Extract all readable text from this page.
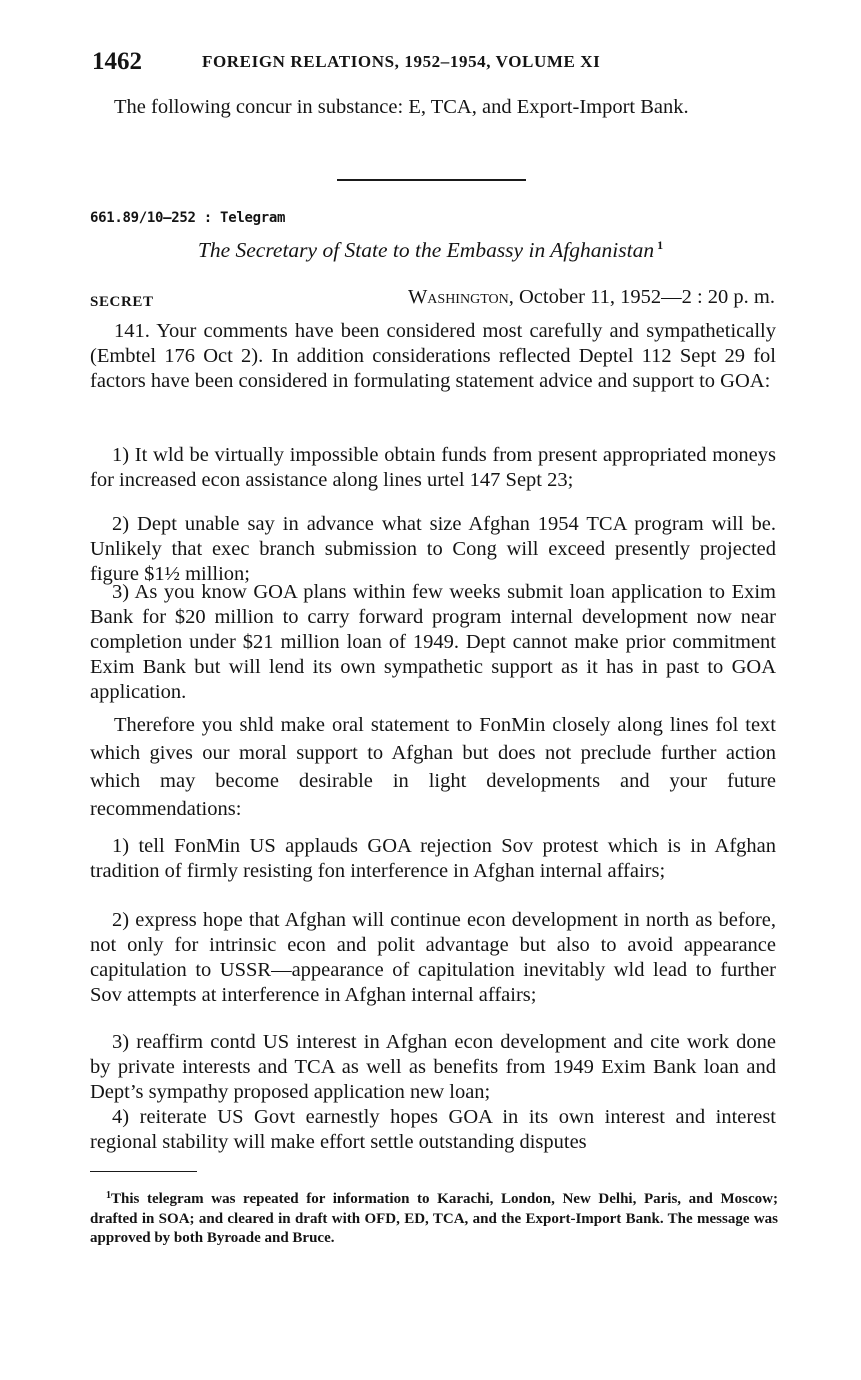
1462	FOREIGN RELATIONS, 1952–1954, VOLUME XI

The following concur in substance: E, TCA, and Export-Import Bank.

661.89/10–252 : Telegram
The Secretary of State to the Embassy in Afghanistan $^1$
SECRET	Washington, October 11, 1952—2 : 20 p. m.

141. Your comments have been considered most carefully and sympathetically (Embtel 176 Oct 2). In addition considerations reflected Deptel 112 Sept 29 fol factors have been considered in formulating statement advice and support to GOA:

1) It wld be virtually impossible obtain funds from present appropriated moneys for increased econ assistance along lines urtel 147 Sept 23;

2) Dept unable say in advance what size Afghan 1954 TCA program will be. Unlikely that exec branch submission to Cong will exceed presently projected figure $1½ million;

3) As you know GOA plans within few weeks submit loan application to Exim Bank for $20 million to carry forward program internal development now near completion under $21 million loan of 1949. Dept cannot make prior commitment Exim Bank but will lend its own sympathetic support as it has in past to GOA application.

Therefore you shld make oral statement to FonMin closely along lines fol text which gives our moral support to Afghan but does not preclude further action which may become desirable in light developments and your future recommendations:

1) tell FonMin US applauds GOA rejection Sov protest which is in Afghan tradition of firmly resisting fon interference in Afghan internal affairs;

2) express hope that Afghan will continue econ development in north as before, not only for intrinsic econ and polit advantage but also to avoid appearance capitulation to USSR—appearance of capitulation inevitably wld lead to further Sov attempts at interference in Afghan internal affairs;

3) reaffirm contd US interest in Afghan econ development and cite work done by private interests and TCA as well as benefits from 1949 Exim Bank loan and Dept’s sympathy proposed application new loan;

4) reiterate US Govt earnestly hopes GOA in its own interest and interest regional stability will make effort settle outstanding disputes

$^1$This telegram was repeated for information to Karachi, London, New Delhi, Paris, and Moscow; drafted in SOA; and cleared in draft with OFD, ED, TCA, and the Export-Import Bank. The message was approved by both Byroade and Bruce.
